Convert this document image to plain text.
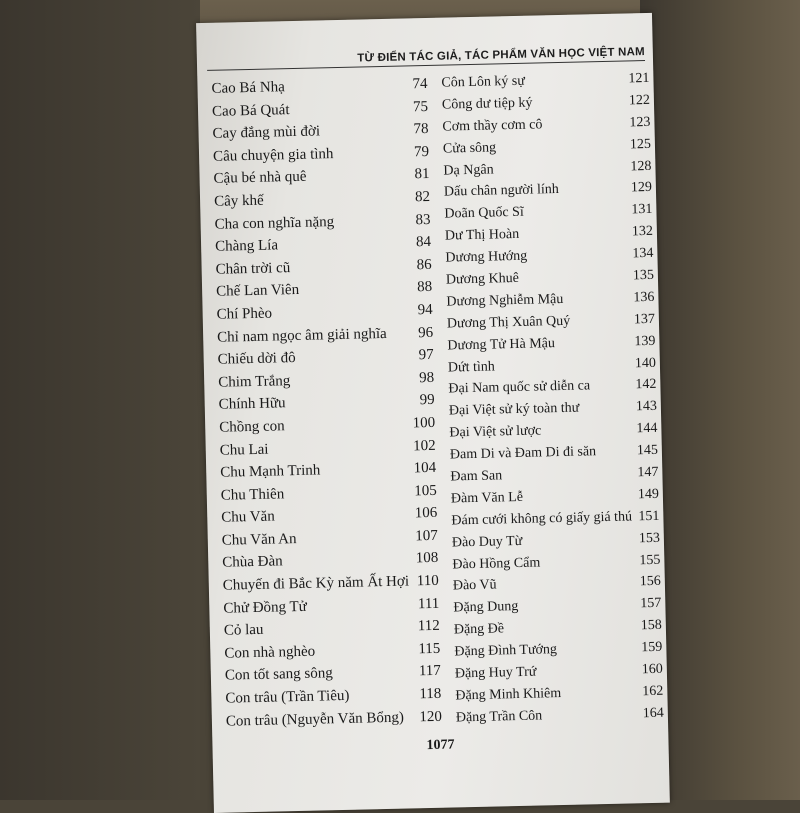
TỪ ĐIỂN TÁC GIẢ, TÁC PHẨM VĂN HỌC VIỆT NAM
Cao Bá Nhạ	74
Cao Bá Quát	75
Cay đắng mùi đời	78
Câu chuyện gia tình	79
Cậu bé nhà quê	81
Cây khế	82
Cha con nghĩa nặng	83
Chàng Lía	84
Chân trời cũ	86
Chế Lan Viên	88
Chí Phèo	94
Chỉ nam ngọc âm giải nghĩa	96
Chiếu dời đô	97
Chim Trắng	98
Chính Hữu	99
Chồng con	100
Chu Lai	102
Chu Mạnh Trinh	104
Chu Thiên	105
Chu Văn	106
Chu Văn An	107
Chùa Đàn	108
Chuyến đi Bắc Kỳ năm Ất Hợi 110
Chử Đồng Tử	111
Cỏ lau	112
Con nhà nghèo	115
Con tốt sang sông	117
Con trâu (Trần Tiêu)	118
Con trâu (Nguyễn Văn Bổng)	120
Côn Lôn ký sự	121
Công dư tiệp ký	122
Cơm thầy cơm cô	123
Cửa sông	125
Dạ Ngân	128
Dấu chân người lính	129
Doãn Quốc Sĩ	131
Dư Thị Hoàn	132
Dương Hướng	134
Dương Khuê	135
Dương Nghiễm Mậu	136
Dương Thị Xuân Quý	137
Dương Tử Hà Mậu	139
Dứt tình	140
Đại Nam quốc sử diễn ca	142
Đại Việt sử ký toàn thư	143
Đại Việt sử lược	144
Đam Di và Đam Di đi săn	145
Đam San	147
Đàm Văn Lễ	149
Đám cưới không có giấy giá thú 151
Đào Duy Từ	153
Đào Hồng Cẩm	155
Đào Vũ	156
Đặng Dung	157
Đặng Đề	158
Đặng Đình Tướng	159
Đặng Huy Trứ	160
Đặng Minh Khiêm	162
Đặng Trần Côn	164
1077
